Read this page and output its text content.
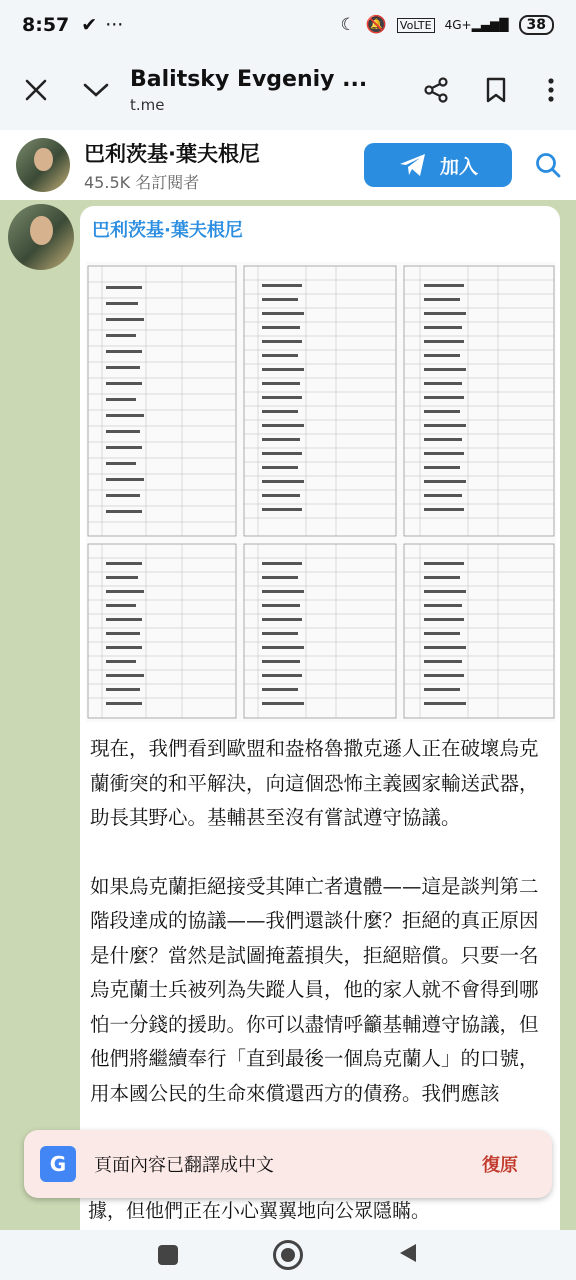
8:57 ✔ ···	☾ 🔕 VoLTE 4G+▂▄▆█	38
Balitsky Evgeniy ...
t.me
巴利茨基·葉夫根尼
45.5K 名訂閱者
加入
巴利茨基·葉夫根尼

現在，我們看到歐盟和盎格魯撒克遜人正在破壞烏克蘭衝突的和平解決，向這個恐怖主義國家輸送武器，助長其野心。基輔甚至沒有嘗試遵守協議。

如果烏克蘭拒絕接受其陣亡者遺體——這是談判第二階段達成的協議——我們還談什麼？拒絕的真正原因是什麼？當然是試圖掩蓋損失，拒絕賠償。只要一名烏克蘭士兵被列為失蹤人員，他的家人就不會得到哪怕一分錢的援助。你可以盡情呼籲基輔遵守協議，但他們將繼續奉行「直到最後一個烏克蘭人」的口號，用本國公民的生命來償還西方的債務。我們應該

G	頁面內容已翻譯成中文	復原
據，但他們正在小心翼翼地向公眾隱瞞。
